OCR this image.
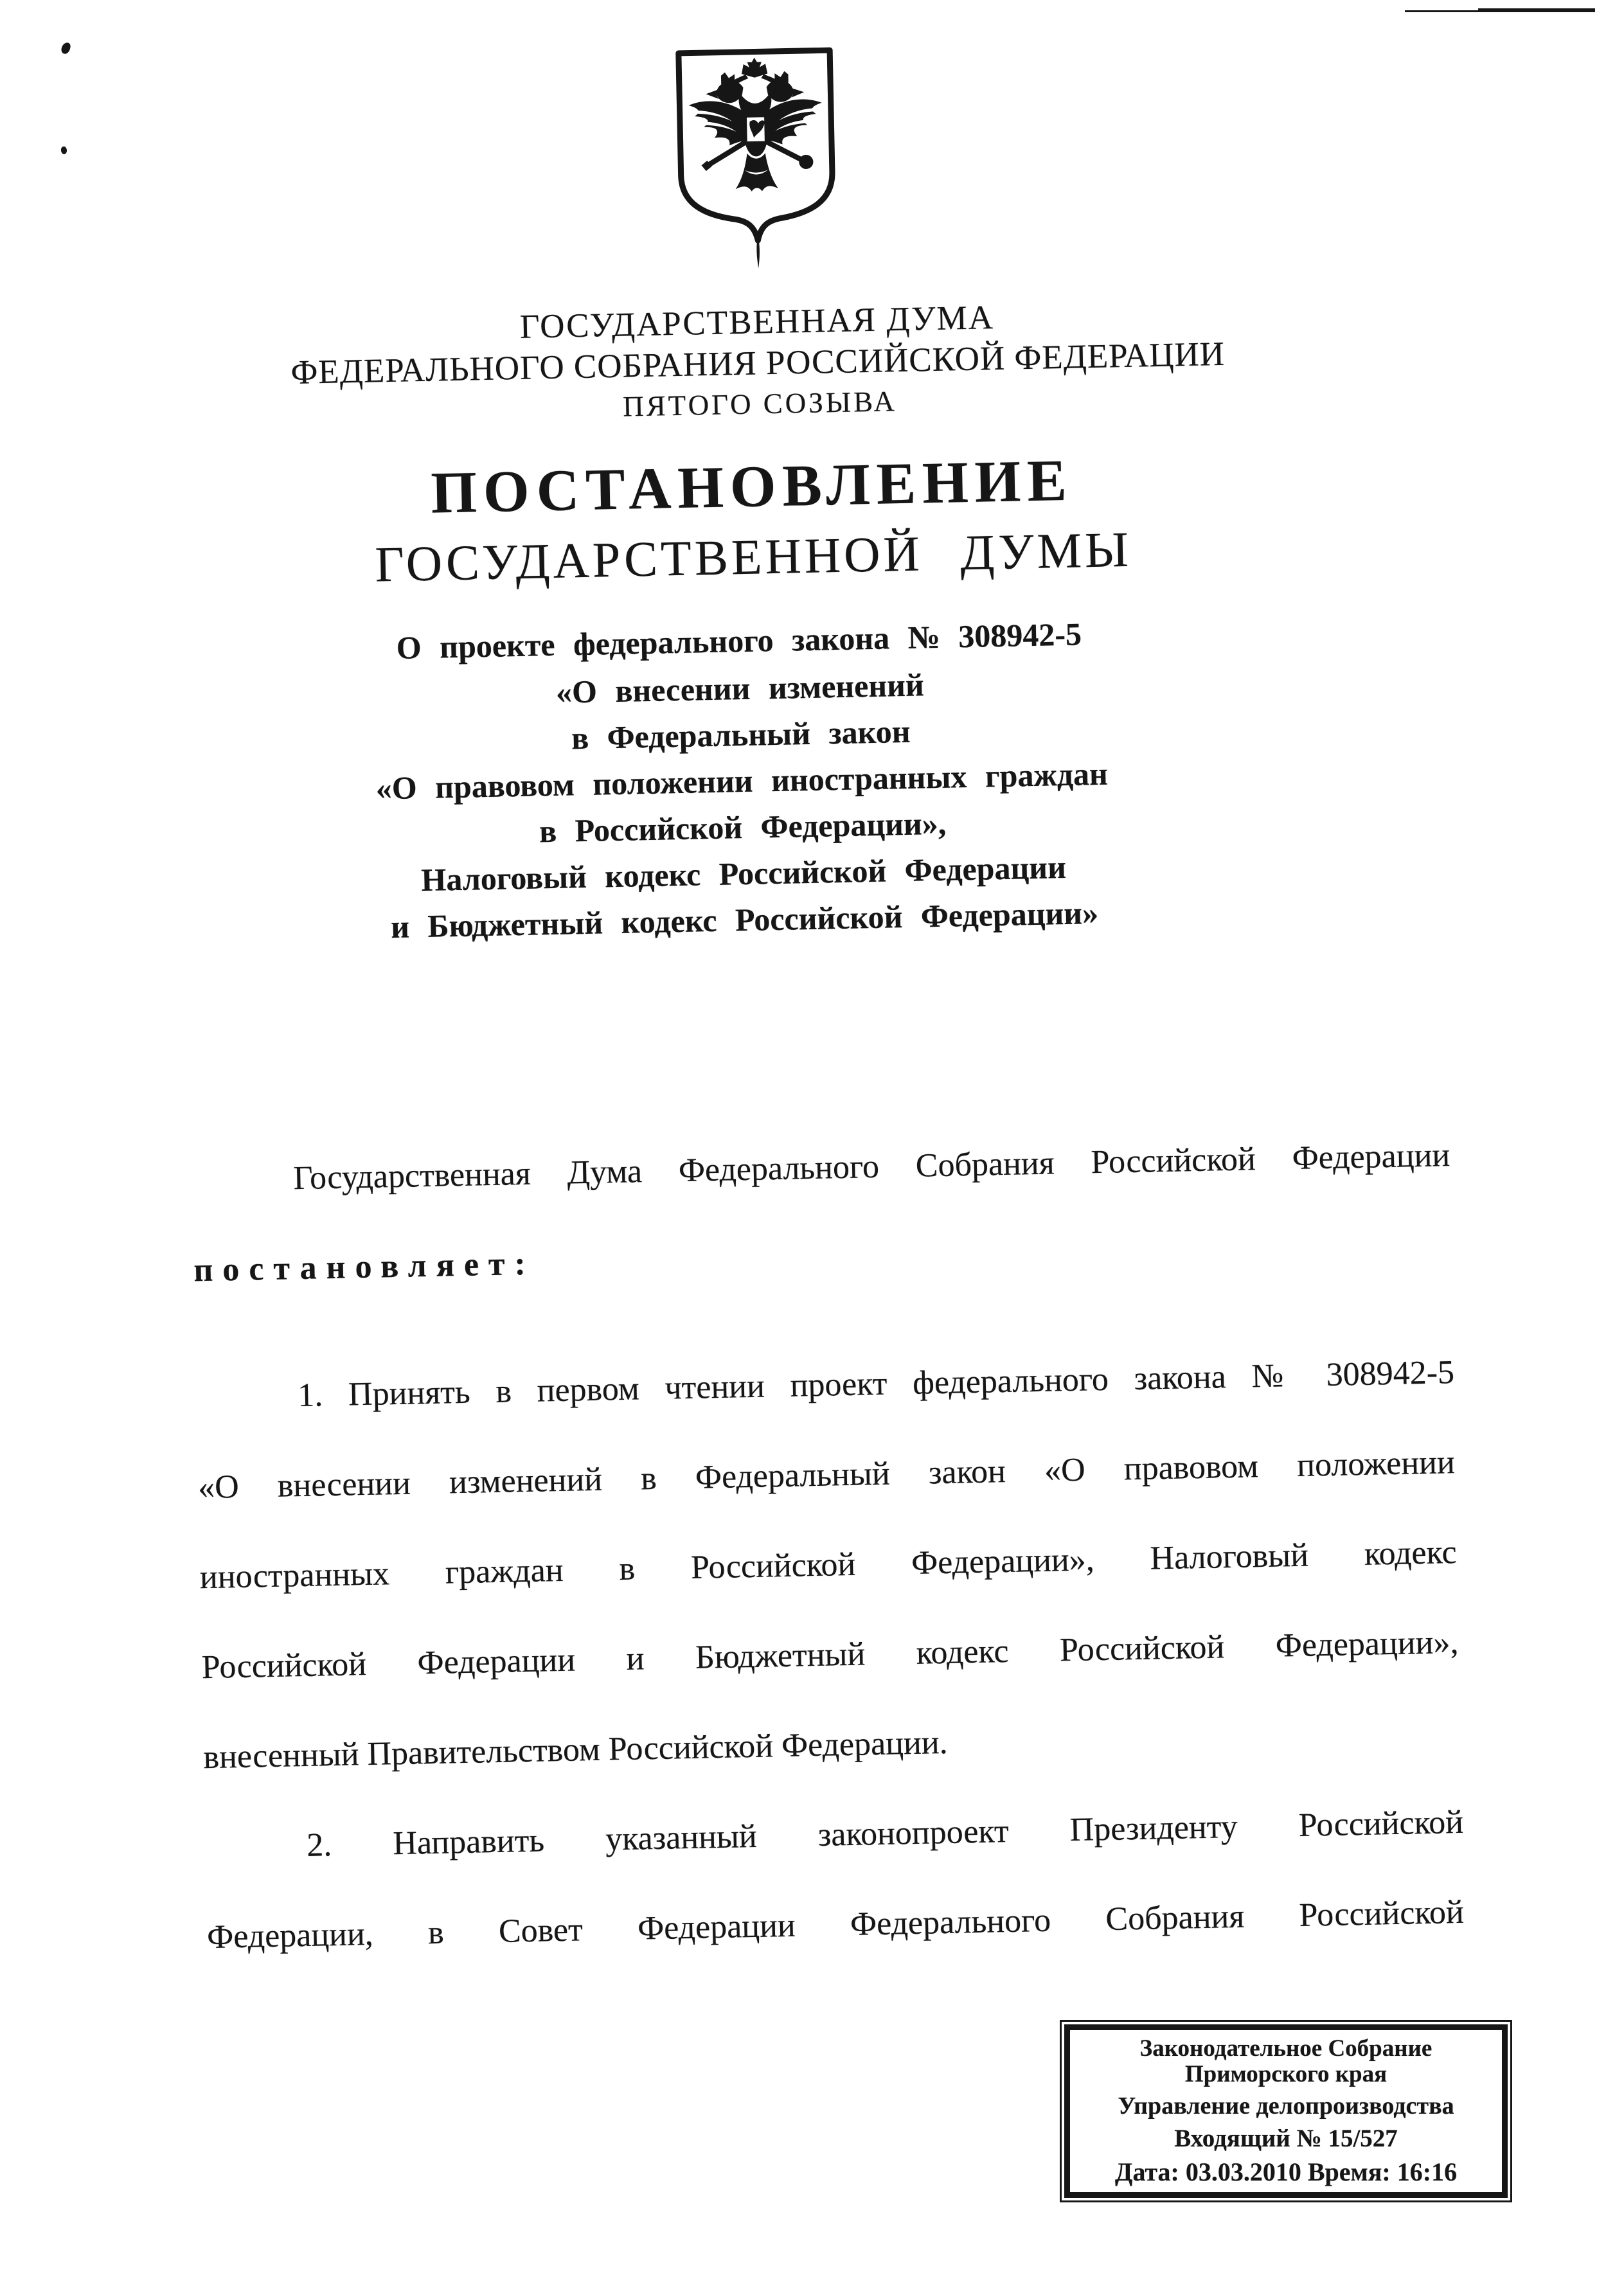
ГОСУДАРСТВЕННАЯ ДУМА
ФЕДЕРАЛЬНОГО СОБРАНИЯ РОССИЙСКОЙ ФЕДЕРАЦИИ
ПЯТОГО СОЗЫВА
ПОСТАНОВЛЕНИЕ
ГОСУДАРСТВЕННОЙ ДУМЫ
О проекте федерального закона № 308942-5
«О внесении изменений
в Федеральный закон
«О правовом положении иностранных граждан
в Российской Федерации»,
Налоговый кодекс Российской Федерации
и Бюджетный кодекс Российской Федерации»
Государственная Дума Федерального Собрания Российской Федерации
постановляет:
1. Принять в первом чтении проект федерального закона № 308942-5
«О внесении изменений в Федеральный закон «О правовом положении
иностранных граждан в Российской Федерации», Налоговый кодекс
Российской Федерации и Бюджетный кодекс Российской Федерации»,
внесенный Правительством Российской Федерации.
2. Направить указанный законопроект Президенту Российской
Федерации, в Совет Федерации Федерального Собрания Российской
Законодательное Собрание
Приморского края
Управление делопроизводства
Входящий № 15/527
Дата: 03.03.2010 Время: 16:16
